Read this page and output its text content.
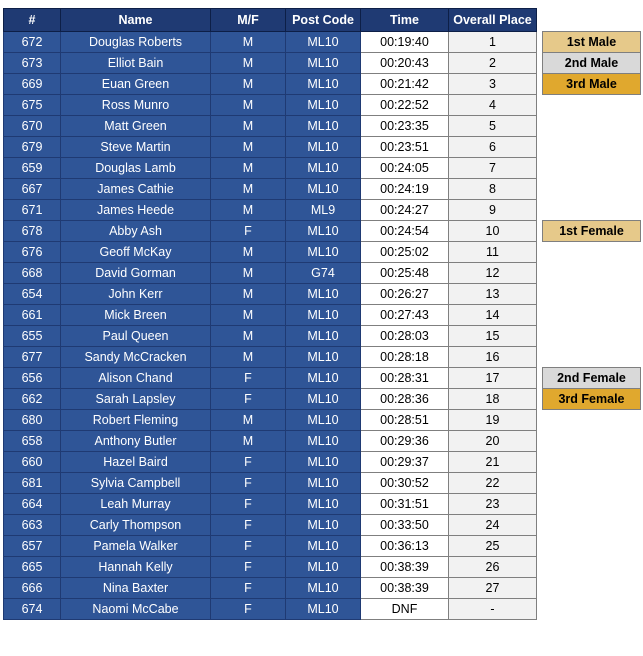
#	Name	M/F	Post Code	Time	Overall Place		
672	Douglas Roberts	M	ML10	00:19:40	1		1st Male
673	Elliot Bain	M	ML10	00:20:43	2		2nd Male
669	Euan Green	M	ML10	00:21:42	3		3rd Male
675	Ross Munro	M	ML10	00:22:52	4		
670	Matt Green	M	ML10	00:23:35	5		
679	Steve Martin	M	ML10	00:23:51	6		
659	Douglas Lamb	M	ML10	00:24:05	7		
667	James Cathie	M	ML10	00:24:19	8		
671	James Heede	M	ML9	00:24:27	9		
678	Abby Ash	F	ML10	00:24:54	10		1st Female
676	Geoff McKay	M	ML10	00:25:02	11		
668	David Gorman	M	G74	00:25:48	12		
654	John Kerr	M	ML10	00:26:27	13		
661	Mick Breen	M	ML10	00:27:43	14		
655	Paul Queen	M	ML10	00:28:03	15		
677	Sandy McCracken	M	ML10	00:28:18	16		
656	Alison Chand	F	ML10	00:28:31	17		2nd Female
662	Sarah Lapsley	F	ML10	00:28:36	18		3rd Female
680	Robert Fleming	M	ML10	00:28:51	19		
658	Anthony Butler	M	ML10	00:29:36	20		
660	Hazel Baird	F	ML10	00:29:37	21		
681	Sylvia Campbell	F	ML10	00:30:52	22		
664	Leah Murray	F	ML10	00:31:51	23		
663	Carly Thompson	F	ML10	00:33:50	24		
657	Pamela Walker	F	ML10	00:36:13	25		
665	Hannah Kelly	F	ML10	00:38:39	26		
666	Nina Baxter	F	ML10	00:38:39	27		
674	Naomi McCabe	F	ML10	DNF	-		
